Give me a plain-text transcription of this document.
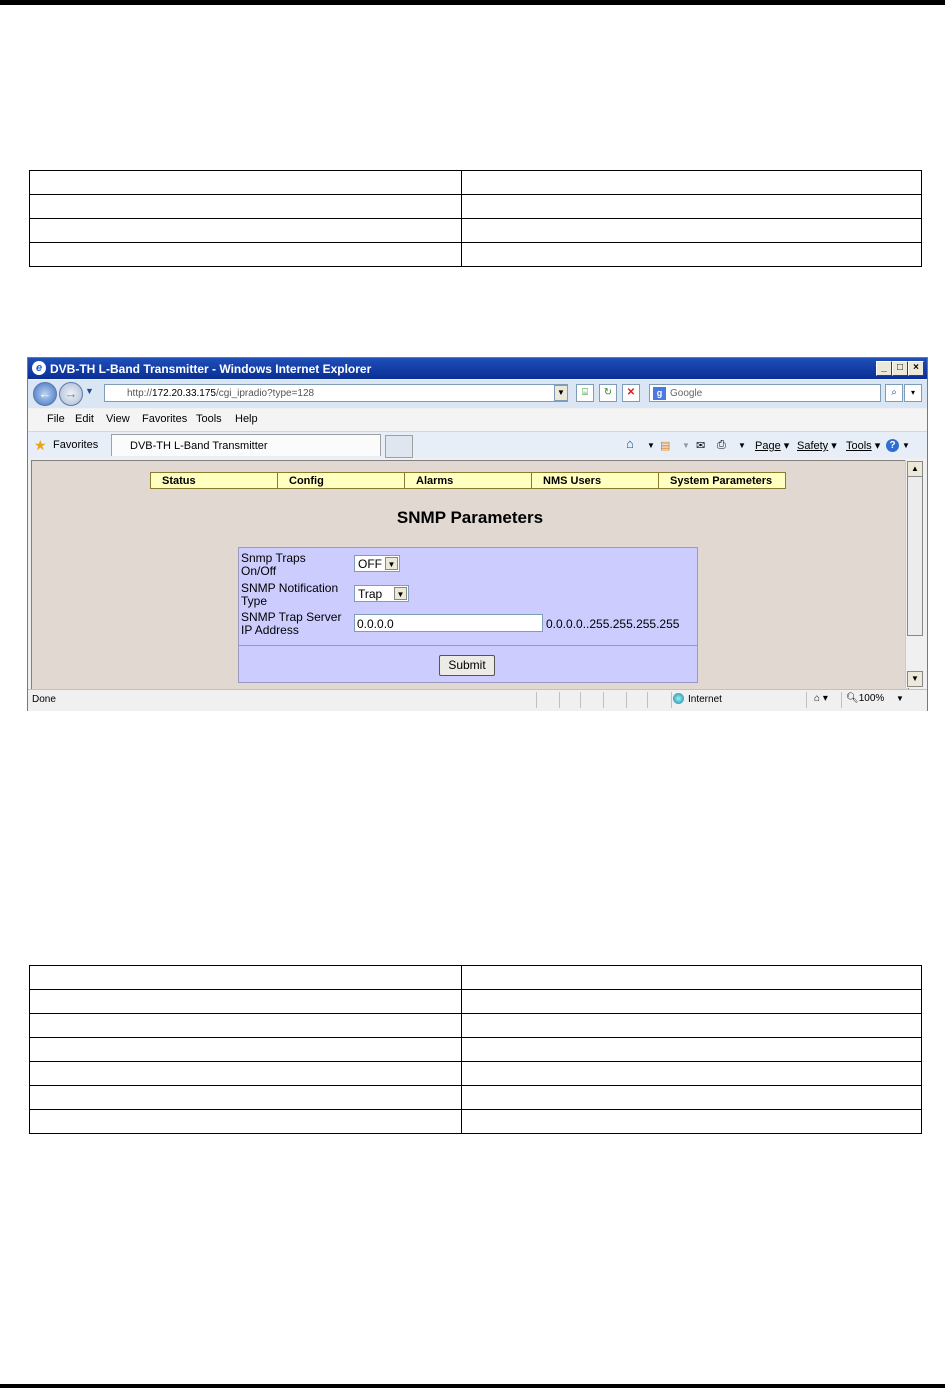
e DVB-TH L-Band Transmitter - Windows Internet Explorer	_	□	×
←	→ ▼	http://172.20.33.175/cgi_ipradio?type=128	▼	⌸	↻	✕	g Google	⌕	▾
File Edit View Favorites Tools Help
★ Favorites	DVB-TH L-Band Transmitter	⌂ ▼ ▤ ▼ ✉ ⎙ ▼ Page ▾ Safety ▾ Tools ▾ ? ▼
Status	Config	Alarms	NMS Users	System Parameters
SNMP Parameters
Snmp Traps
On/Off	OFF ▼
SNMP Notification
Type	Trap	▼
SNMP Trap Server
IP Address	0.0.0.0	0.0.0.0..255.255.255.255
Submit
▲
▼
Done	Internet	⌂ ▾ 🔍︎100% ▼
